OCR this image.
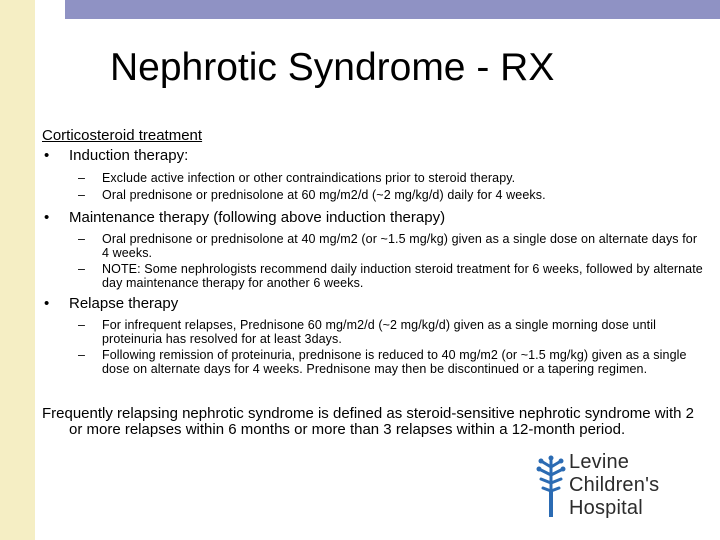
Nephrotic Syndrome - RX
Corticosteroid treatment
• Induction therapy:
– Exclude active infection or other contraindications prior to steroid therapy.
– Oral prednisone or prednisolone at 60 mg/m2/d (~2 mg/kg/d) daily for 4 weeks.
• Maintenance therapy (following above induction therapy)
– Oral prednisone or prednisolone at 40 mg/m2 (or ~1.5 mg/kg) given as a single dose on alternate days for 4 weeks.
– NOTE: Some nephrologists recommend daily induction steroid treatment for 6 weeks, followed by alternate day maintenance therapy for another 6 weeks.
• Relapse therapy
– For infrequent relapses, Prednisone 60 mg/m2/d (~2 mg/kg/d) given as a single morning dose until proteinuria has resolved for at least 3days.
– Following remission of proteinuria, prednisone is reduced to 40 mg/m2 (or ~1.5 mg/kg) given as a single dose on alternate days for 4 weeks. Prednisone may then be discontinued or a tapering regimen.
Frequently relapsing nephrotic syndrome is defined as steroid-sensitive nephrotic syndrome with 2 or more relapses within 6 months or more than 3 relapses within a 12-month period.
Levine
Children's
Hospital
